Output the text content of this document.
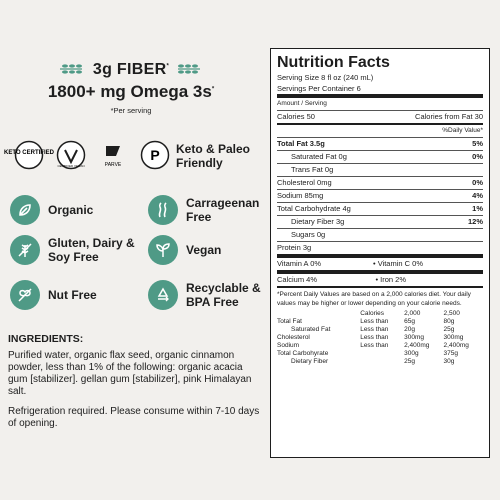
3g FIBER*
1800+ mg Omega 3s*
*Per serving
KETO CERTIFIED
CERTIFIED VEGAN	PARVE
P Keto & Paleo Friendly
Organic	Carrageenan Free
Gluten, Dairy & Soy Free	Vegan
Nut Free	Recyclable & BPA Free
INGREDIENTS:
Purified water, organic flax seed, organic cinnamon powder, less than 1% of the following: organic acacia gum [stabilizer]. gellan gum [stabilizer], pink Himalayan salt.
Refrigeration required. Please consume within 7-10 days of opening.
Nutrition Facts
Serving Size 8 fl oz (240 mL)
Servings Per Container 6
Amount / Serving
Calories 50	Calories from Fat 30
%Daily Value*
Total Fat 3.5g	5%
Saturated Fat 0g	0%
Trans Fat 0g
Cholesterol 0mg	0%
Sodium 85mg	4%
Total Carbohydrate 4g	1%
Dietary Fiber 3g	12%
Sugars 0g
Protein 3g
Vitamin A 0%	• Vitamin C 0%
Calcium 4%	• Iron 2%
*Percent Daily Values are based on a 2,000 calories diet. Your daily values may be higher or lower depending on your calorie needs.
	Calories	2,000	2,500
Total Fat	Less than	65g	80g
Saturated Fat	Less than	20g	25g
Cholesterol	Less than	300mg	300mg
Sodium	Less than	2,400mg	2,400mg
Total Carbohyrate		300g	375g
Dietary Fiber		25g	30g
